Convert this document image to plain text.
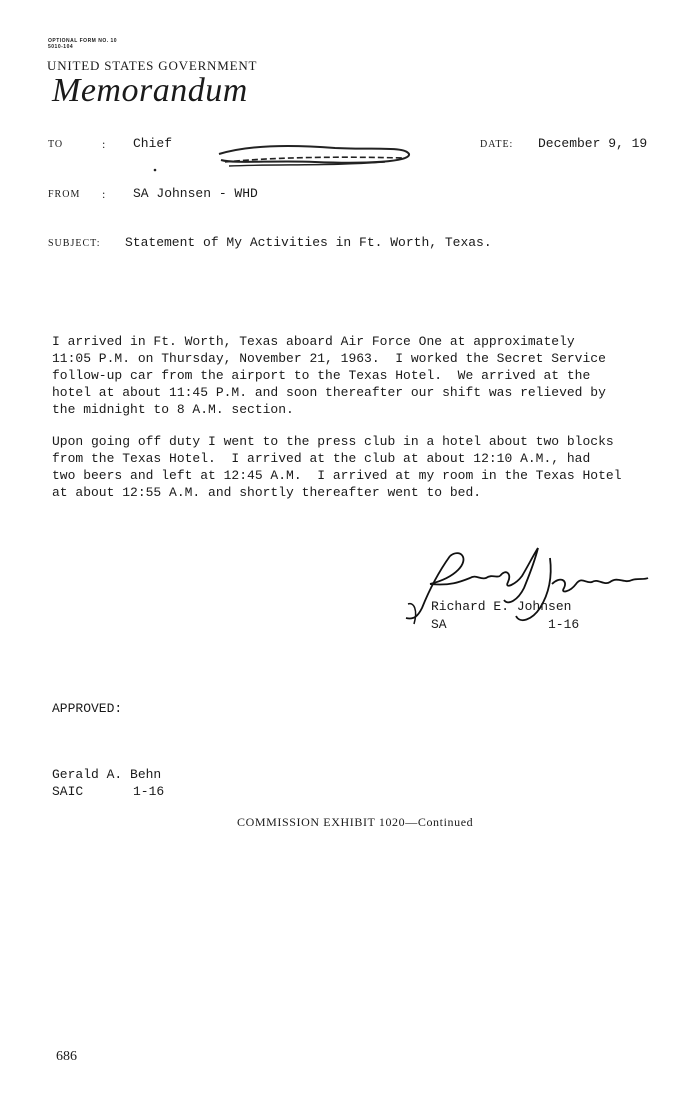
OPTIONAL FORM NO. 10
5010-104
UNITED STATES GOVERNMENT
Memorandum
TO	: Chief	DATE: December 9, 19
FROM : SA Johnsen - WHD
SUBJECT: Statement of My Activities in Ft. Worth, Texas.
I arrived in Ft. Worth, Texas aboard Air Force One at approximately
11:05 P.M. on Thursday, November 21, 1963.  I worked the Secret Service
follow-up car from the airport to the Texas Hotel.  We arrived at the
hotel at about 11:45 P.M. and soon thereafter our shift was relieved by
the midnight to 8 A.M. section.
Upon going off duty I went to the press club in a hotel about two blocks
from the Texas Hotel.  I arrived at the club at about 12:10 A.M., had
two beers and left at 12:45 A.M.  I arrived at my room in the Texas Hotel
at about 12:55 A.M. and shortly thereafter went to bed.
Richard E. Johnsen
SA	1-16
APPROVED:
Gerald A. Behn
SAIC	1-16
COMMISSION EXHIBIT 1020—Continued
686
